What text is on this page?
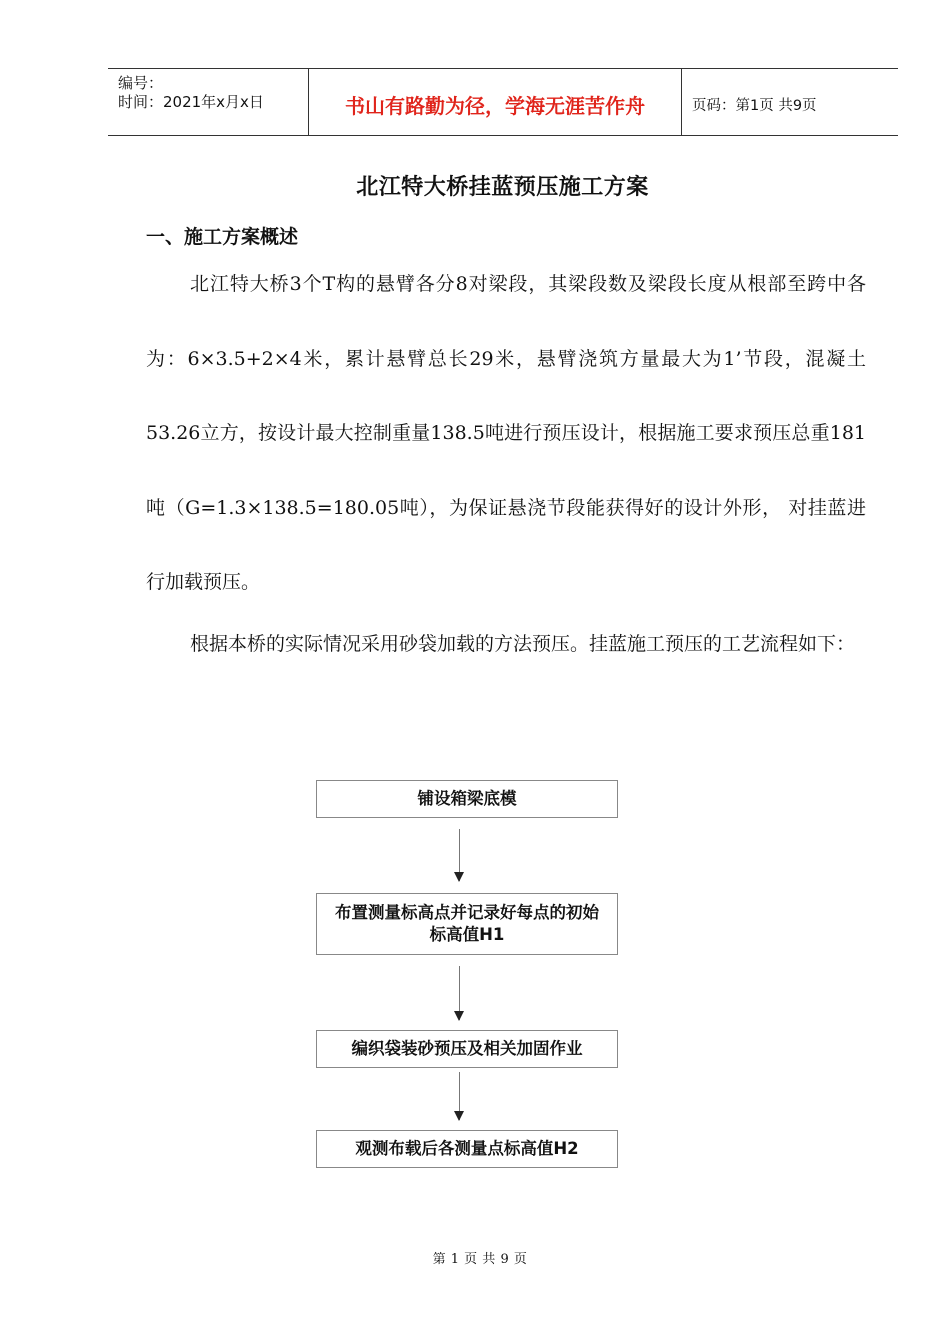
编号：
时间：2021年x月x日	书山有路勤为径，学海无涯苦作舟	页码：第1页 共9页
北江特大桥挂蓝预压施工方案
一、施工方案概述

北江特大桥3个T构的悬臂各分8对梁段，其梁段数及梁段长度从根部至跨中各为：6×3.5+2×4米，累计悬臂总长29米，悬臂浇筑方量最大为1’节段，混凝土53.26立方，按设计最大控制重量138.5吨进行预压设计，根据施工要求预压总重181吨（G=1.3×138.5=180.05吨），为保证悬浇节段能获得好的设计外形， 对挂蓝进行加载预压。

根据本桥的实际情况采用砂袋加载的方法预压。挂蓝施工预压的工艺流程如下：

铺设箱梁底模
布置测量标高点并记录好每点的初始标高值H1
编织袋装砂预压及相关加固作业
观测布载后各测量点标高值H2
第 1 页 共 9 页
